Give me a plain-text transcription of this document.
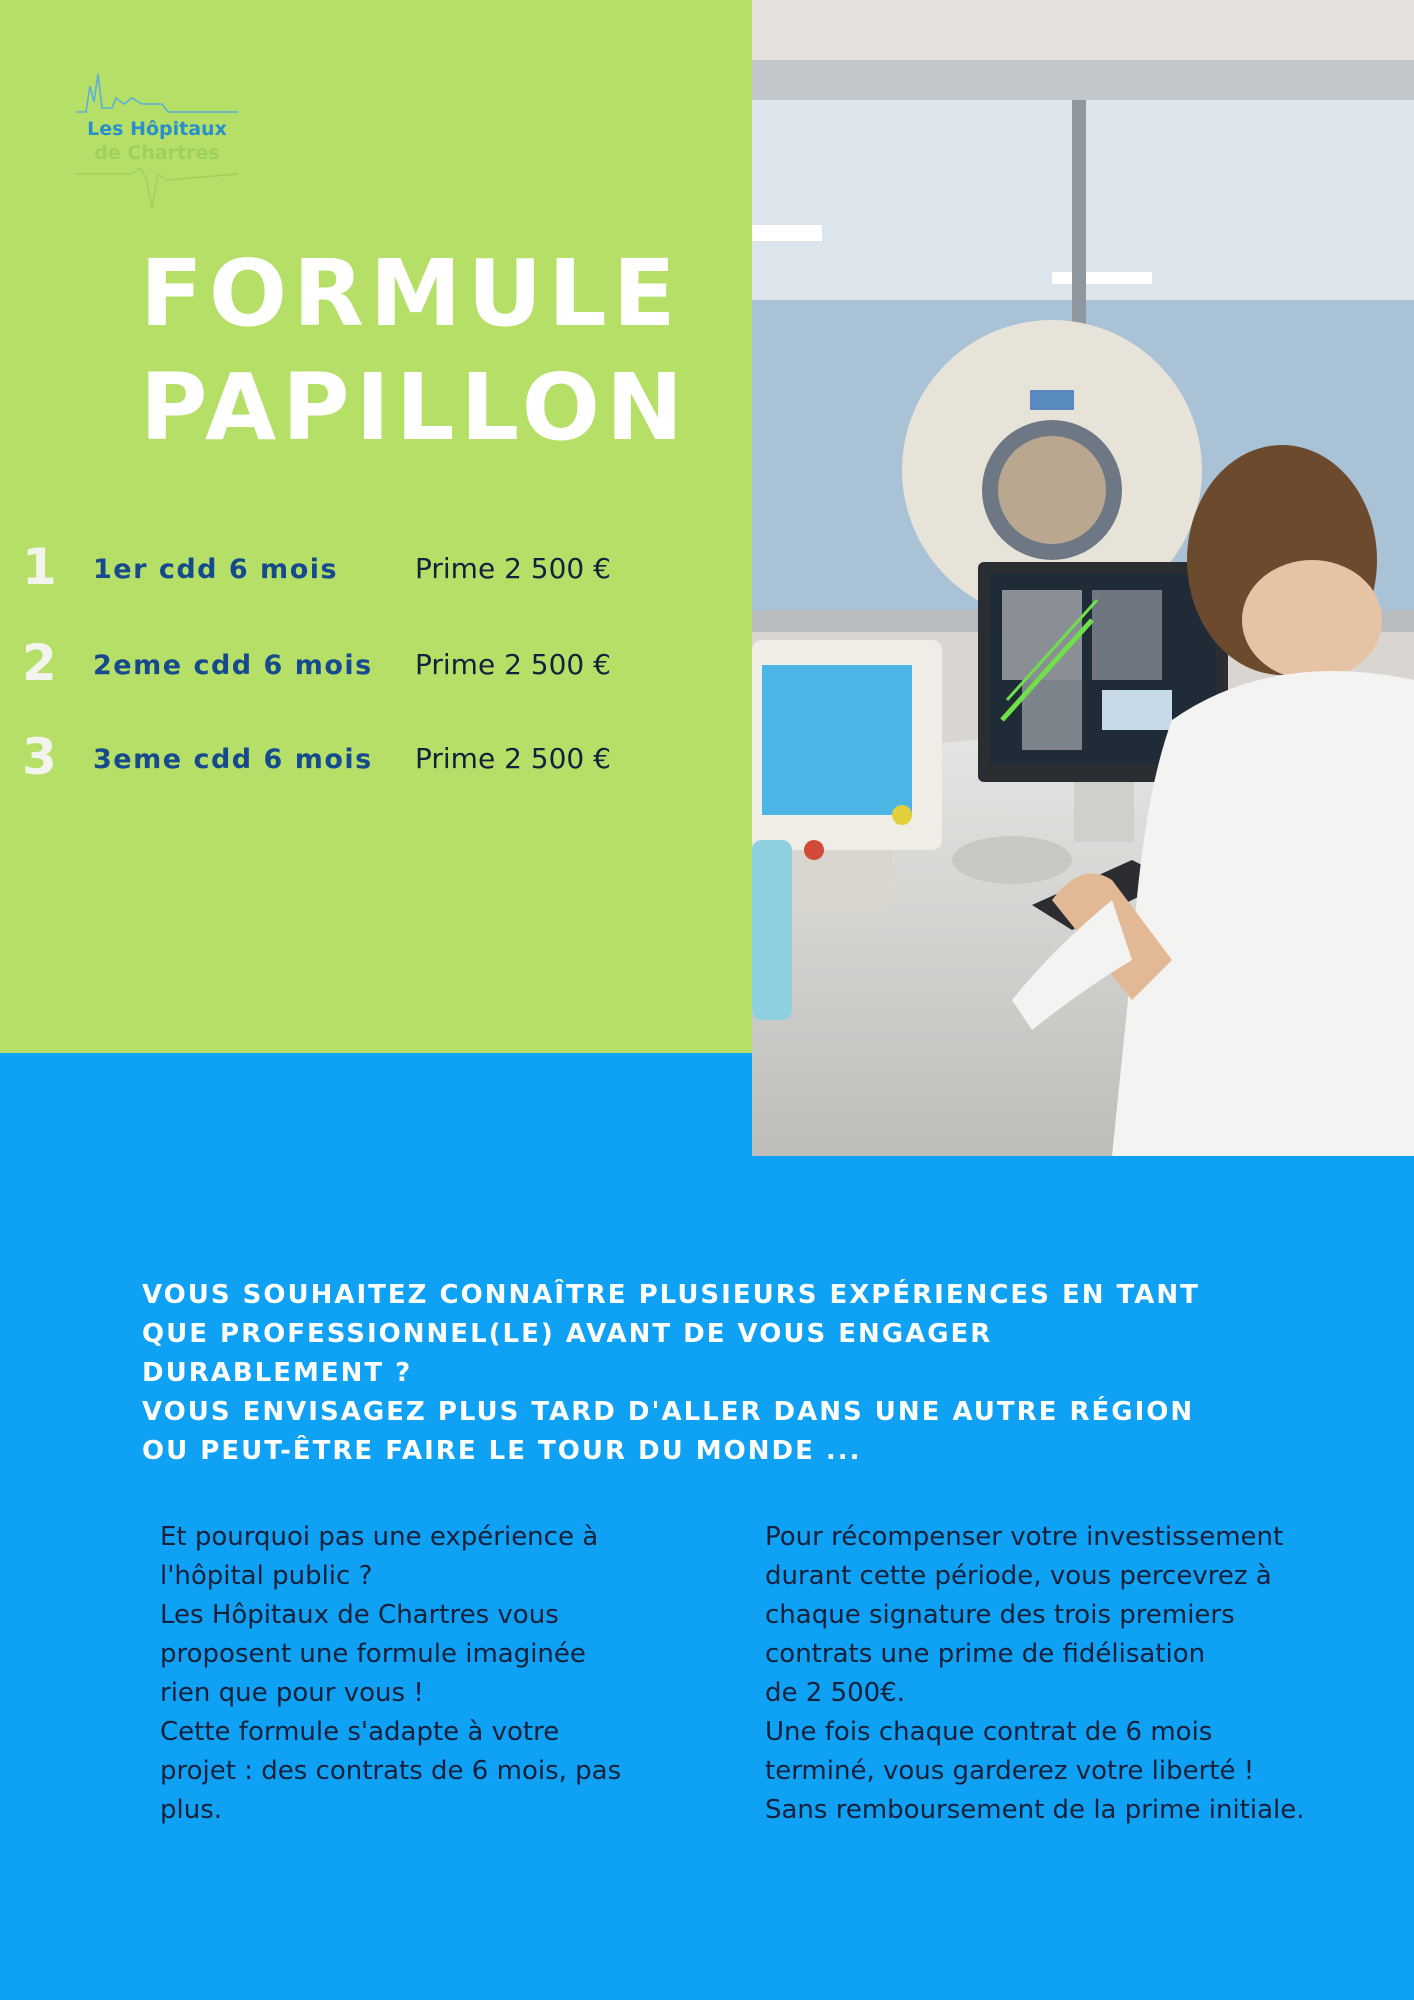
Les Hôpitaux
de Chartres
FORMULE
PAPILLON
1 1er cdd 6 mois	Prime 2 500 €
2 2eme cdd 6 mois Prime 2 500 €
3 3eme cdd 6 mois Prime 2 500 €
VOUS SOUHAITEZ CONNAÎTRE PLUSIEURS EXPÉRIENCES EN TANT
QUE PROFESSIONNEL(LE) AVANT DE VOUS ENGAGER
DURABLEMENT ?
VOUS ENVISAGEZ PLUS TARD D'ALLER DANS UNE AUTRE RÉGION
OU PEUT-ÊTRE FAIRE LE TOUR DU MONDE ...
Et pourquoi pas une expérience à
l'hôpital public ?
Les Hôpitaux de Chartres vous
proposent une formule imaginée
rien que pour vous !
Cette formule s'adapte à votre
projet : des contrats de 6 mois, pas
plus.
Pour récompenser votre investissement
durant cette période, vous percevrez à
chaque signature des trois premiers
contrats une prime de fidélisation
de 2 500€.
Une fois chaque contrat de 6 mois
terminé, vous garderez votre liberté !
Sans remboursement de la prime initiale.
